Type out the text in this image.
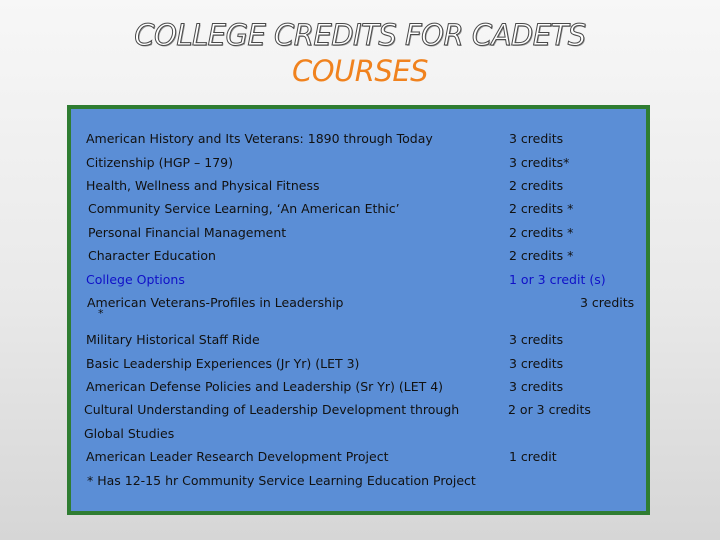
COLLEGE CREDITS FOR CADETS
COURSES
American History and Its Veterans: 1890 through Today	3 credits
Citizenship (HGP – 179)	3 credits*
Health, Wellness and Physical Fitness	2 credits
Community Service Learning, ‘An American Ethic’	2 credits *
Personal Financial Management	2 credits *
Character Education	2 credits *
College Options	1 or 3 credit (s)
American Veterans-Profiles in Leadership	3 credits
*
Military Historical Staff Ride	3 credits
Basic Leadership Experiences (Jr Yr) (LET 3)	3 credits
American Defense Policies and Leadership (Sr Yr) (LET 4)	3 credits
Cultural Understanding of Leadership Development through	2 or 3 credits
Global Studies
American Leader Research Development Project	1 credit
* Has 12-15 hr Community Service Learning Education Project
